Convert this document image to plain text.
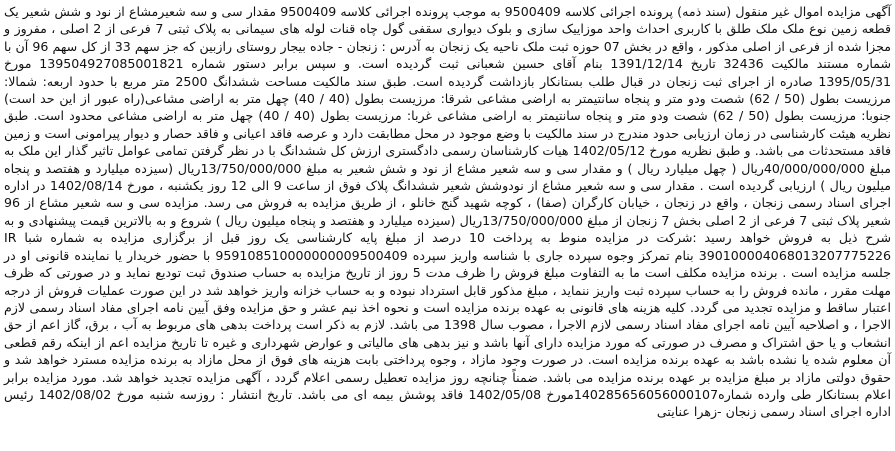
آگهی مزایده اموال غیر منقول (سند ذمه) پرونده اجرائی کلاسه 9500409 به موجب پرونده اجرائی کلاسه 9500409 مقدار سی و سه شعیرمشاع از نود و شش شعیر یک قطعه زمین نوع ملک ملک طلق با کاربری احداث واحد موزاییک سازی و بلوک دیواری سقفی گول چاه قنات لوله های سیمانی به پلاک ثبتی 7 فرعی از 2 اصلی ، مفروز و مجزا شده از فرعی از اصلی مذکور ، واقع در بخش 07 حوزه ثبت ملک ناحیه یک زنجان به آدرس : زنجان - جاده بیجار روستای رازبین که جز سهم 33 از کل سهم 96 آن با شماره مستند مالکیت 32436 تاریخ 1391/12/14 بنام آقای حسین شعبانی ثبت گردیده است. و سپس برابر دستور شماره 139504927085001821 مورخ 1395/05/31 صادره از اجرای ثبت زنجان در قبال طلب بستانکار بازداشت گردیده است. طبق سند مالکیت مساحت ششدانگ 2500 متر مربع با حدود اربعه: شمالا: مرزیست بطول (50 / 62) شصت ودو متر و پنجاه سانتیمتر به اراضی مشاعی شرقا: مرزیست بطول (40 / 40) چهل متر به اراضی مشاعی(راه عبور از این حد است) جنوبا: مرزیست بطول (50 / 62) شصت ودو متر و پنجاه سانتیمتر به اراضی مشاعی غربا: مرزیست بطول (40 / 40) چهل متر به اراضی مشاعی محدود است. طبق نظریه هیئت کارشناسی در زمان ارزیابی حدود مندرج در سند مالکیت با وضع موجود در محل مطابقت دارد و عرصه فاقد اعیانی و فاقد حصار و دیوار پیرامونی است و زمین فاقد مستحدثات می باشد. و طبق نظریه مورخ 1402/05/12 هیات کارشناسان رسمی دادگستری ارزش کل ششدانگ با در نظر گرفتن تمامی عوامل تاثیر گذار این ملک به مبلغ 40/000/000/000ریال ( چهل میلیارد ریال ) و مقدار سی و سه شعیر مشاع از نود و شش شعیر به مبلغ 13/750/000/000ریال (سیزده میلیارد و هفتصد و پنجاه میلیون ریال ) ارزیابی گردیده است . مقدار سی و سه شعیر مشاع از نودوشش شعیر ششدانگ پلاک فوق از ساعت 9 الی 12 روز یکشنبه ، مورخ 1402/08/14 در اداره اجرای اسناد رسمی زنجان ، واقع در زنجان ، خیابان کارگران (صفا) ، کوچه شهید گنج خانلو ، از طریق مزایده به فروش می رسد. مزایده سی و سه شعیر مشاع از 96 شعیر پلاک ثبتی 7 فرعی از 2 اصلی بخش 7 زنجان از مبلغ 13/750/000/000ریال (سیزده میلیارد و هفتصد و پنجاه میلیون ریال ) شروع و به بالاترین قیمت پیشنهادی و به شرح ذیل به فروش خواهد رسید :شرکت در مزایده منوط به پرداخت 10 درصد از مبلغ پایه کارشناسی یک روز قبل از برگزاری مزایده به شماره شبا IR 390100004068013207775226 بنام تمرکز وجوه سپرده جاری با شناسه واریز سپرده 959108510000000009500409 با حضور خریدار یا نماینده قانونی او در جلسه مزایده است . برنده مزایده مکلف است ما به التفاوت مبلغ فروش را ظرف مدت 5 روز از تاریخ مزایده به حساب صندوق ثبت تودیع نماید و در صورتی که ظرف مهلت مقرر ، مانده فروش را به حساب سپرده ثبت واریز ننماید ، مبلغ مذکور قابل استرداد نبوده و به حساب خزانه واریز خواهد شد در این صورت عملیات فروش از درجه اعتبار ساقط و مزایده تجدید می گردد. کلیه هزینه های قانونی به عهده برنده مزایده است و نحوه اخذ نیم عشر و حق مزایده وفق آیین نامه اجرای مفاد اسناد رسمی لازم الاجرا ، و اصلاحیه آیین نامه اجرای مفاد اسناد رسمی لازم الاجرا ، مصوب سال 1398 می باشد. لازم به ذکر است پرداخت بدهی های مربوط به آب ، برق، گاز اعم از حق انشعاب و یا حق اشتراک و مصرف در صورتی که مورد مزایده دارای آنها باشد و نیز بدهی های مالیاتی و عوارض شهرداری و غیره تا تاریخ مزایده اعم از اینکه رقم قطعی آن معلوم شده یا نشده باشد به عهده برنده مزایده است. در صورت وجود مازاد ، وجوه پرداختی بابت هزینه های فوق از محل مازاد به برنده مزایده مسترد خواهد شد و حقوق دولتی مازاد بر مبلغ مزایده بر عهده برنده مزایده می باشد. ضمناً چنانچه روز مزایده تعطیل رسمی اعلام گردد ، آگهی مزایده تجدید خواهد شد. مورد مزایده برابر اعلام بستانکار طی وارده شماره140285656056000107مورخ 1402/05/08 فاقد پوشش بیمه ای می باشد. تاریخ انتشار : روزسه شنبه مورخ 1402/08/02 رئیس اداره اجرای اسناد رسمی زنجان -زهرا عنایتی
